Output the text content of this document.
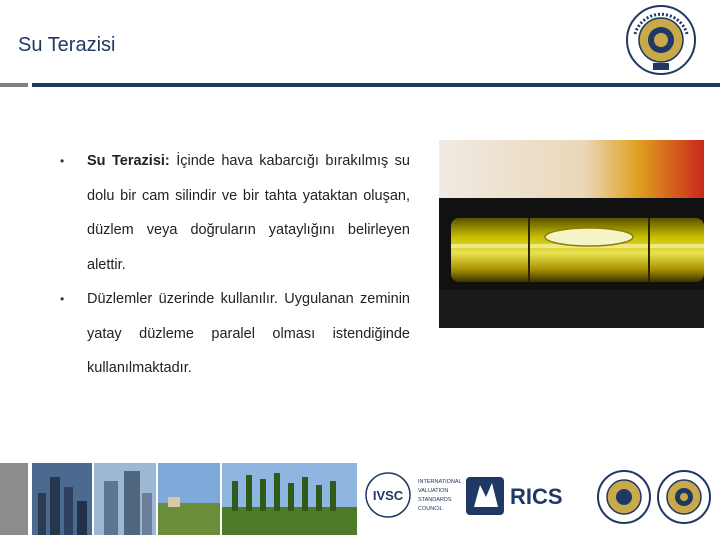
Su Terazisi
• Su Terazisi: İçinde hava kabarcığı bırakılmış su dolu bir cam silindir ve bir tahta yataktan oluşan, düzlem veya doğruların yataylığını belirleyen alettir.
• Düzlemler üzerinde kullanılır. Uygulanan zeminin yatay düzleme paralel olması istendiğinde kullanılmaktadır.
IVSC
INTERNATIONAL
VALUATION
STANDARDS
COUNCIL	RICS
